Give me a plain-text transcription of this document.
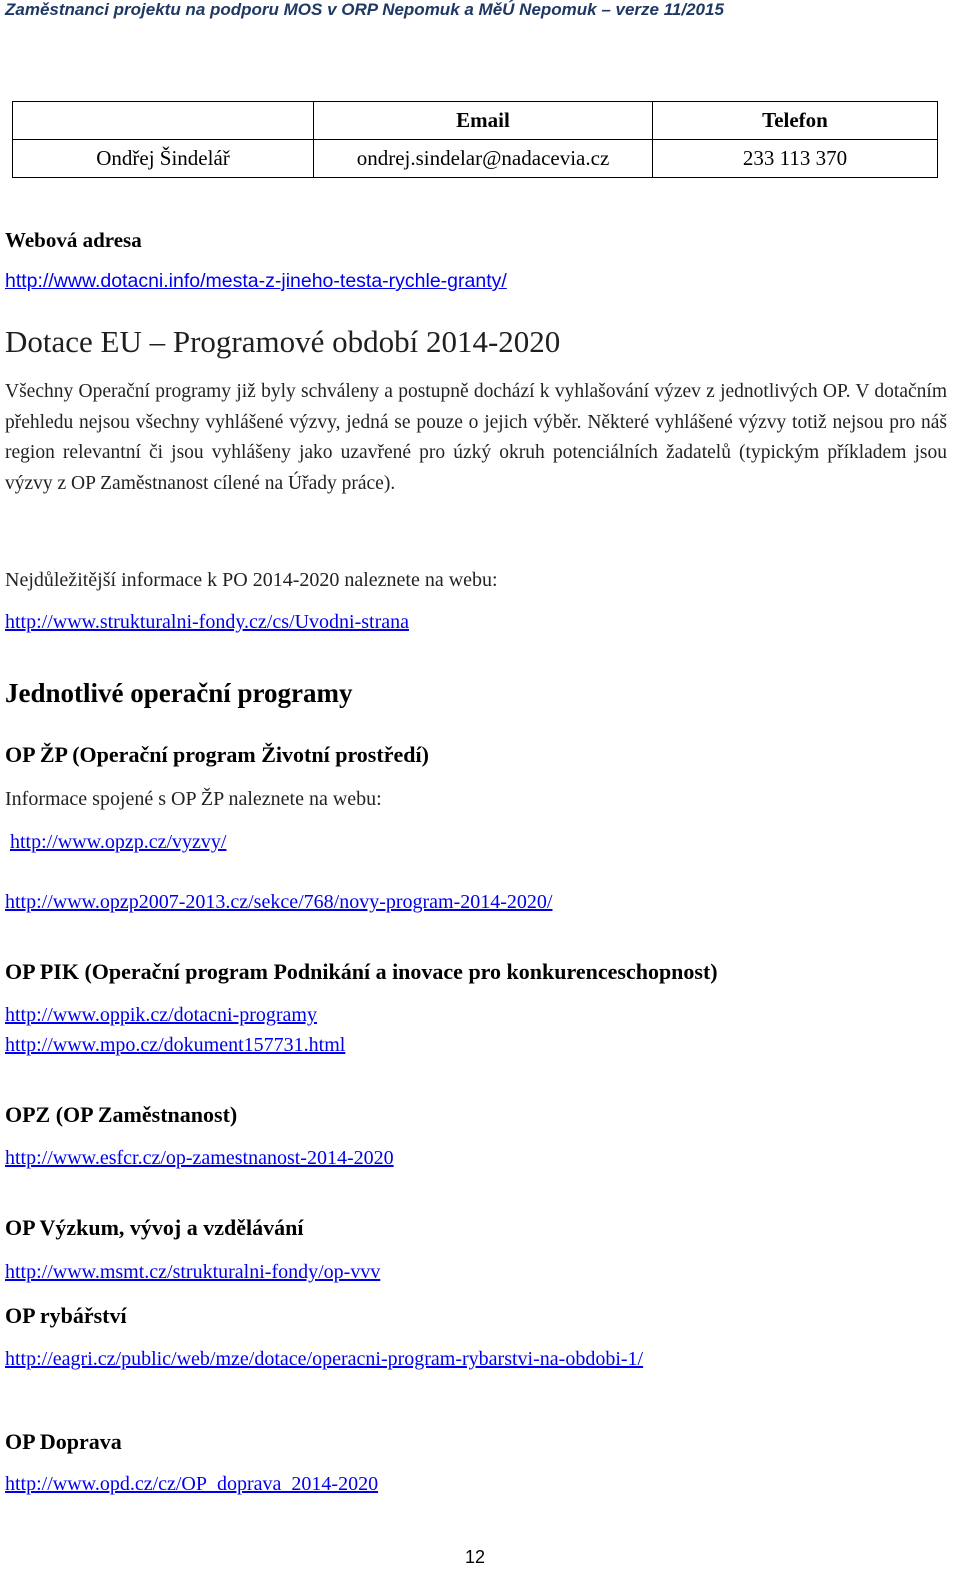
Zaměstnanci projektu na podporu MOS v ORP Nepomuk a MěÚ Nepomuk – verze 11/2015
	Email	Telefon
Ondřej Šindelář	ondrej.sindelar@nadacevia.cz	233 113 370
Webová adresa
http://www.dotacni.info/mesta-z-jineho-testa-rychle-granty/
Dotace EU – Programové období 2014-2020
Všechny Operační programy již byly schváleny a postupně dochází k vyhlašování výzev z jednotlivých OP. V dotačním přehledu nejsou všechny vyhlášené výzvy, jedná se pouze o jejich výběr. Některé vyhlášené výzvy totiž nejsou pro náš region relevantní či jsou vyhlášeny jako uzavřené pro úzký okruh potenciálních žadatelů (typickým příkladem jsou výzvy z OP Zaměstnanost cílené na Úřady práce).
Nejdůležitější informace k PO 2014-2020 naleznete na webu:
http://www.strukturalni-fondy.cz/cs/Uvodni-strana
Jednotlivé operační programy
OP ŽP (Operační program Životní prostředí)
Informace spojené s OP ŽP naleznete na webu:
http://www.opzp.cz/vyzvy/
http://www.opzp2007-2013.cz/sekce/768/novy-program-2014-2020/
OP PIK (Operační program Podnikání a inovace pro konkurenceschopnost)
http://www.oppik.cz/dotacni-programy
http://www.mpo.cz/dokument157731.html
OPZ (OP Zaměstnanost)
http://www.esfcr.cz/op-zamestnanost-2014-2020
OP Výzkum, vývoj a vzdělávání
http://www.msmt.cz/strukturalni-fondy/op-vvv
OP rybářství
http://eagri.cz/public/web/mze/dotace/operacni-program-rybarstvi-na-obdobi-1/
OP Doprava
http://www.opd.cz/cz/OP_doprava_2014-2020
12
